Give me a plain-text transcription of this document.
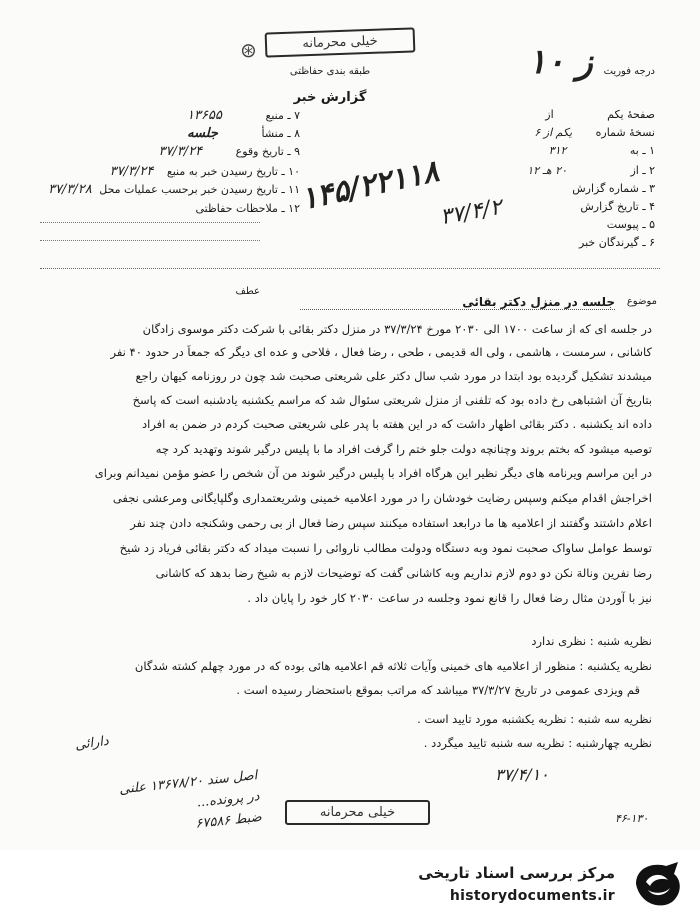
خیلی محرمانه
⊛
طبقه بندی حفاظتی
گزارش خبر
۱۰ ز	درجه فوریت
۷ ـ منبع ۱۳۶۵۵
۸ ـ منشأ جلسه
۹ ـ تاریخ وقوع ۳۷/۳/۲۴
۱۰ ـ تاریخ رسیدن خبر به منبع ۳۷/۳/۲۴
۱۱ ـ تاریخ رسیدن خبر برحسب عملیات محل ۳۷/۳/۲۸
۱۲ ـ ملاحظات حفاظتی
صفحهٔ یکم از
نسخهٔ شماره یکم از ۶
۱ ـ به ۳۱۲
۲ ـ از ۲۰ هـ ۱۲
۳ ـ شماره گزارش
۴ ـ تاریخ گزارش
۵ ـ پیوست
۶ ـ گیرندگان خبر
۱۴۵/۲۲۱۱۸
۳۷/۴/۲
عطف
جلسه در منزل دکتر بقائی	موضوع
در جلسه ای که از ساعت ۱۷۰۰ الی ۲۰۳۰ مورخ ۳۷/۳/۲۴ در منزل دکتر بقائی با شرکت دکتر موسوی زادگان
کاشانی ، سرمست ، هاشمی ، ولی اله قدیمی ، طحی ، رضا فعال ، فلاحی و عده ای دیگر که جمعاً در حدود ۴۰ نفر
میشدند تشکیل گردیده بود ابتدا در مورد شب سال دکتر علی شریعتی صحبت شد چون در روزنامه کیهان راجع
بتاریخ آن اشتباهی رخ داده بود که تلفنی از منزل شریعتی سئوال شد که مراسم یکشنبه یادشنبه است که پاسخ
داده اند یکشنبه . دکتر بقائی اظهار داشت که در این هفته با پدر علی شریعتی صحبت کردم در ضمن به افراد
توصیه میشود که بختم بروند وچنانچه دولت جلو ختم را گرفت افراد ما با پلیس درگیر شوند وتهدید کرد چه
در این مراسم ویرنامه های دیگر نظیر این هرگاه افراد با پلیس درگیر شوند من آن شخص را عضو مؤمن نمیدانم وبرای
اخراجش اقدام میکنم وسپس رضایت خودشان را در مورد اعلامیه خمینی وشریعتمداری وگلپایگانی ومرعشی نجفی
اعلام داشتند وگفتند از اعلامیه ها ما درابعد استفاده میکنند سپس رضا فعال از بی رحمی وشکنجه دادن چند نفر
توسط عوامل ساواک صحبت نمود وبه دستگاه ودولت مطالب ناروائی را نسبت میداد که دکتر بقائی فریاد زد شیخ
رضا نفرین ونالة نکن دو دوم لازم نداریم وبه کاشانی گفت که توضیحات لازم به شیخ رضا بدهد که کاشانی
نیز با آوردن مثال رضا فعال را قانع نمود وجلسه در ساعت ۲۰۳۰ کار خود را پایان داد .
نظریه شنبه : نظری ندارد
نظریه یکشنبه : منظور از اعلامیه های خمینی وآیات ثلاثه قم اعلامیه هائی بوده که در مورد چهلم کشته شدگان
قم ویزدی عمومی در تاریخ ۳۷/۳/۲۷ میباشد که مراتب بموقع باستحضار رسیده است .
نظریه سه شنبه : نظریه یکشنبه مورد تایید است .
نظریه چهارشنبه : نظریه سه شنبه تایید میگردد .
دارائی
۳۷/۴/۱۰
اصل سند ۱۳۶۷۸/۲۰ علنی
در پرونده...
ضبط ۶۷۵۸۶	۴۶-۱۳۰
خیلی محرمانه
مرکز بررسی اسناد تاریخی
historydocuments.ir
